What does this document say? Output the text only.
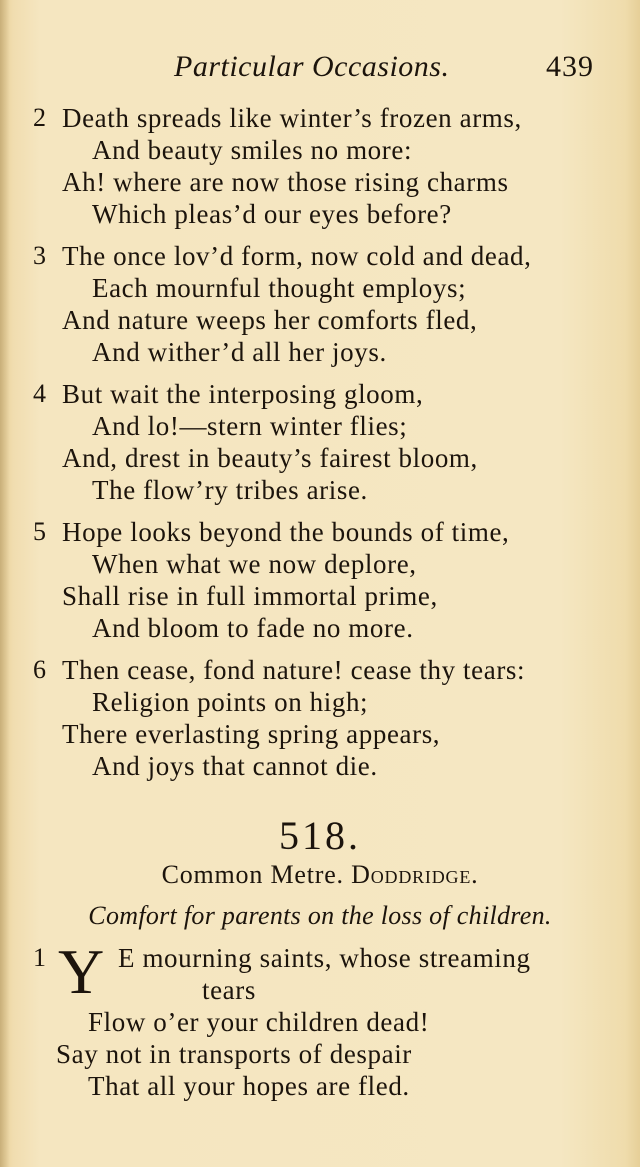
Particular Occasions.	439
2 Death spreads like winter’s frozen arms,
And beauty smiles no more:
Ah! where are now those rising charms
Which pleas’d our eyes before?
3 The once lov’d form, now cold and dead,
Each mournful thought employs;
And nature weeps her comforts fled,
And wither’d all her joys.
4 But wait the interposing gloom,
And lo!—stern winter flies;
And, drest in beauty’s fairest bloom,
The flow’ry tribes arise.
5 Hope looks beyond the bounds of time,
When what we now deplore,
Shall rise in full immortal prime,
And bloom to fade no more.
6 Then cease, fond nature! cease thy tears:
Religion points on high;
There everlasting spring appears,
And joys that cannot die.
518.
Common Metre. Doddridge.
Comfort for parents on the loss of children.
1	E mourning saints, whose streaming
tears
Flow o’er your children dead!
Say not in transports of despair
That all your hopes are fled.
Y
